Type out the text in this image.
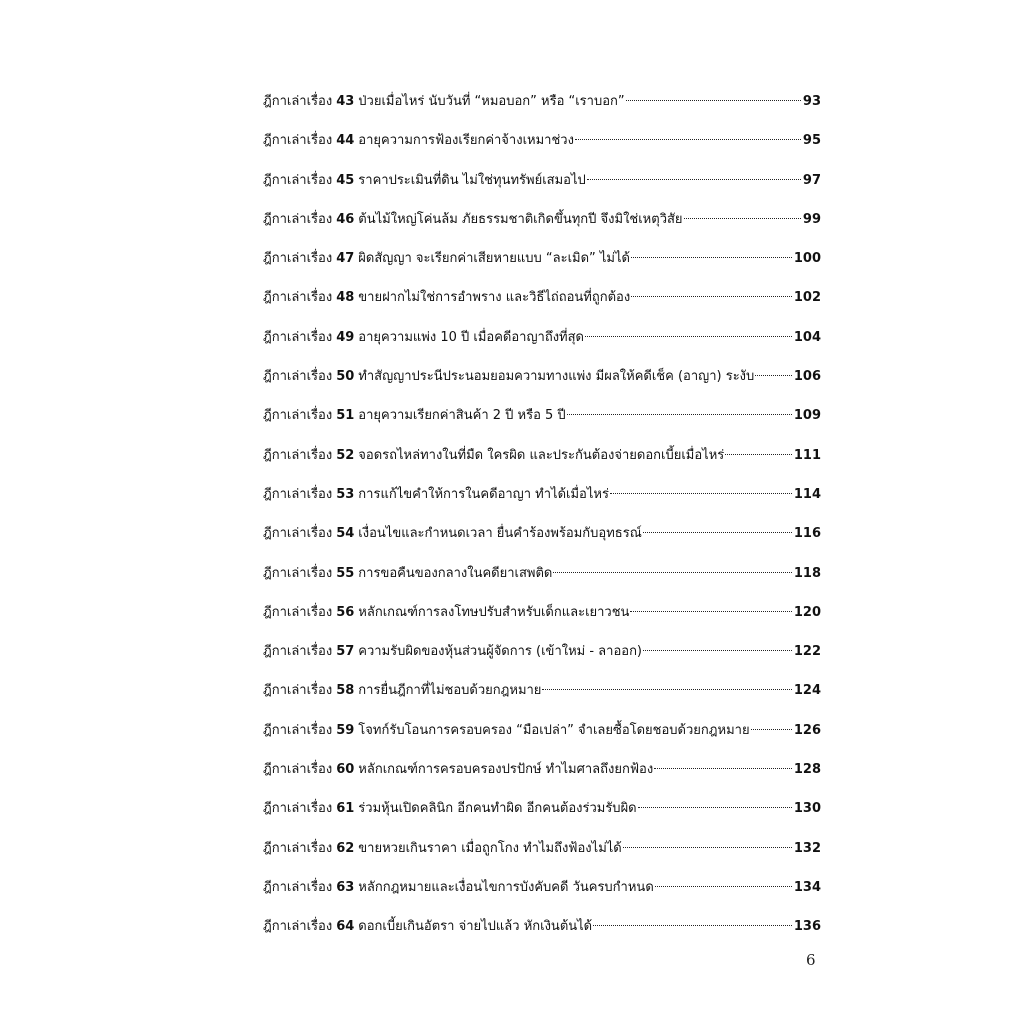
ฎีกาเล่าเรื่อง 43 ป่วยเมื่อไหร่ นับวันที่ “หมอบอก” หรือ “เราบอก”	93
ฎีกาเล่าเรื่อง 44 อายุความการฟ้องเรียกค่าจ้างเหมาช่วง	95
ฎีกาเล่าเรื่อง 45 ราคาประเมินที่ดิน ไม่ใช่ทุนทรัพย์เสมอไป	97
ฎีกาเล่าเรื่อง 46 ต้นไม้ใหญ่โค่นล้ม ภัยธรรมชาติเกิดขึ้นทุกปี จึงมิใช่เหตุวิสัย	99
ฎีกาเล่าเรื่อง 47 ผิดสัญญา จะเรียกค่าเสียหายแบบ “ละเมิด” ไม่ได้	100
ฎีกาเล่าเรื่อง 48 ขายฝากไม่ใช่การอำพราง และวิธีไถ่ถอนที่ถูกต้อง	102
ฎีกาเล่าเรื่อง 49 อายุความแพ่ง 10 ปี เมื่อคดีอาญาถึงที่สุด	104
ฎีกาเล่าเรื่อง 50 ทำสัญญาประนีประนอมยอมความทางแพ่ง มีผลให้คดีเช็ค (อาญา) ระงับ	106
ฎีกาเล่าเรื่อง 51 อายุความเรียกค่าสินค้า 2 ปี หรือ 5 ปี	109
ฎีกาเล่าเรื่อง 52 จอดรถไหล่ทางในที่มืด ใครผิด และประกันต้องจ่ายดอกเบี้ยเมื่อไหร่	111
ฎีกาเล่าเรื่อง 53 การแก้ไขคำให้การในคดีอาญา ทำได้เมื่อไหร่	114
ฎีกาเล่าเรื่อง 54 เงื่อนไขและกำหนดเวลา ยื่นคำร้องพร้อมกับอุทธรณ์	116
ฎีกาเล่าเรื่อง 55 การขอคืนของกลางในคดียาเสพติด	118
ฎีกาเล่าเรื่อง 56 หลักเกณฑ์การลงโทษปรับสำหรับเด็กและเยาวชน	120
ฎีกาเล่าเรื่อง 57 ความรับผิดของหุ้นส่วนผู้จัดการ (เข้าใหม่ - ลาออก)	122
ฎีกาเล่าเรื่อง 58 การยื่นฎีกาที่ไม่ชอบด้วยกฎหมาย	124
ฎีกาเล่าเรื่อง 59 โจทก์รับโอนการครอบครอง “มือเปล่า” จำเลยซื้อโดยชอบด้วยกฎหมาย	126
ฎีกาเล่าเรื่อง 60 หลักเกณฑ์การครอบครองปรปักษ์ ทำไมศาลถึงยกฟ้อง	128
ฎีกาเล่าเรื่อง 61 ร่วมหุ้นเปิดคลินิก อีกคนทำผิด อีกคนต้องร่วมรับผิด	130
ฎีกาเล่าเรื่อง 62 ขายหวยเกินราคา เมื่อถูกโกง ทำไมถึงฟ้องไม่ได้	132
ฎีกาเล่าเรื่อง 63 หลักกฎหมายและเงื่อนไขการบังคับคดี วันครบกำหนด	134
ฎีกาเล่าเรื่อง 64 ดอกเบี้ยเกินอัตรา จ่ายไปแล้ว หักเงินต้นได้	136
6
